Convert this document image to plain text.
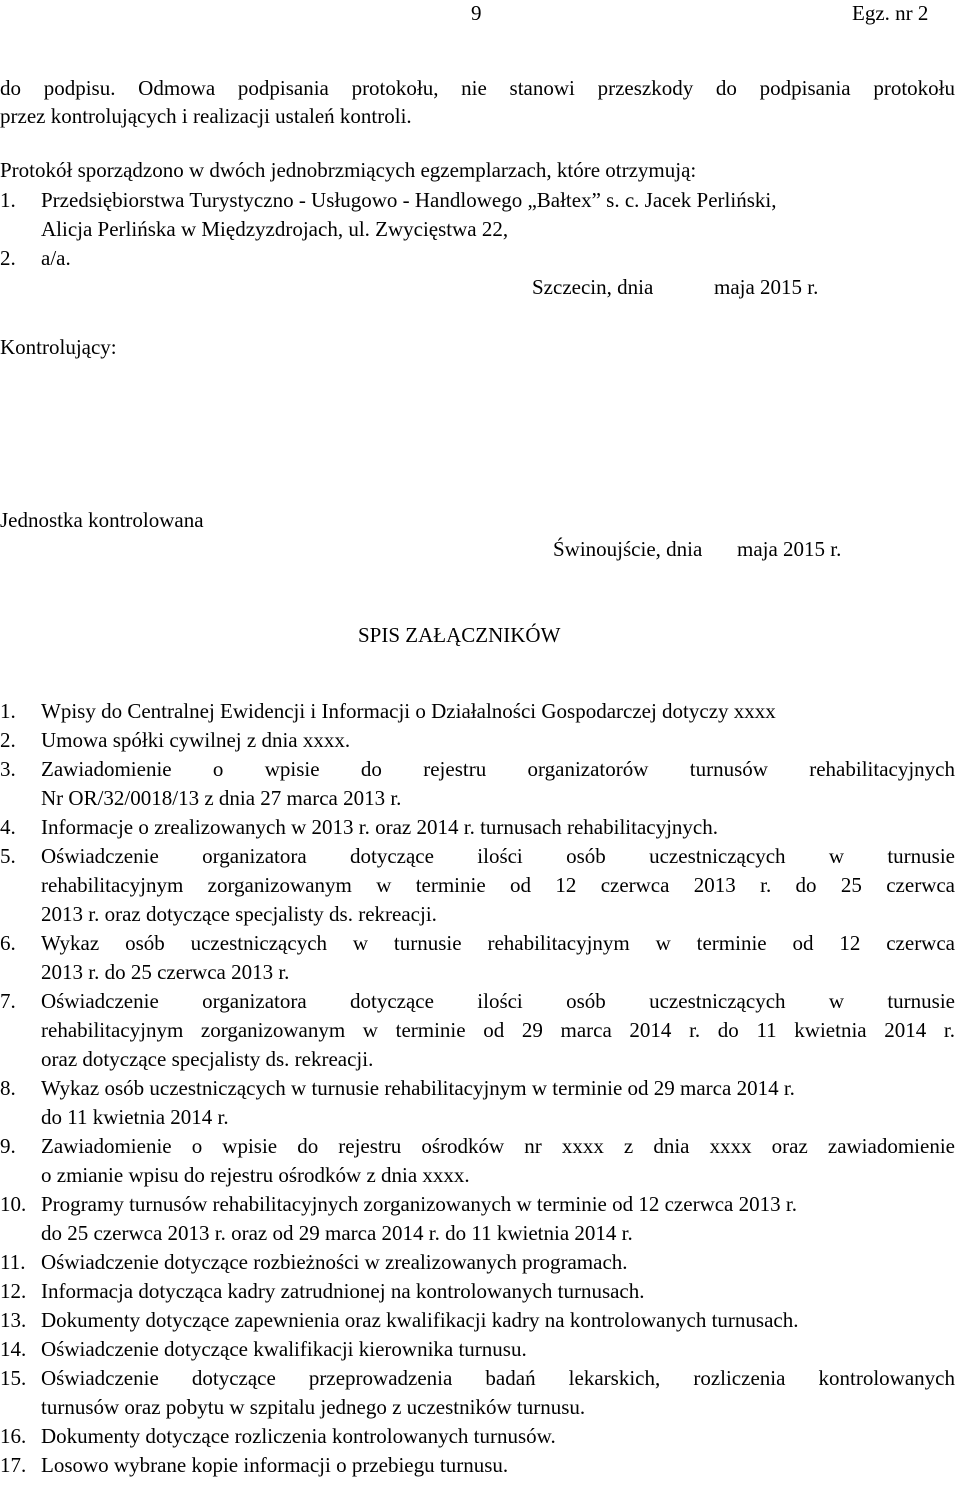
9	Egz. nr 2
do podpisu. Odmowa podpisania protokołu, nie stanowi przeszkody do podpisania protokołu
przez kontrolujących i realizacji ustaleń kontroli.
Protokół sporządzono w dwóch jednobrzmiących egzemplarzach, które otrzymują:
1. Przedsiębiorstwa Turystyczno - Usługowo - Handlowego „Bałtex” s. c. Jacek Perliński,
Alicja Perlińska w Międzyzdrojach, ul. Zwycięstwa 22,
2. a/a.
Szczecin, dnia	maja 2015 r.
Kontrolujący:
Jednostka kontrolowana
Świnoujście, dnia maja 2015 r.
SPIS ZAŁĄCZNIKÓW
1. Wpisy do Centralnej Ewidencji i Informacji o Działalności Gospodarczej dotyczy xxxx
2. Umowa spółki cywilnej z dnia xxxx.
3. Zawiadomienie o wpisie do rejestru organizatorów turnusów rehabilitacyjnych
Nr OR/32/0018/13 z dnia 27 marca 2013 r.
4. Informacje o zrealizowanych w 2013 r. oraz 2014 r. turnusach rehabilitacyjnych.
5. Oświadczenie organizatora dotyczące ilości osób uczestniczących w turnusie
rehabilitacyjnym zorganizowanym w terminie od 12 czerwca 2013 r. do 25 czerwca
2013 r. oraz dotyczące specjalisty ds. rekreacji.
6. Wykaz osób uczestniczących w turnusie rehabilitacyjnym w terminie od 12 czerwca
2013 r. do 25 czerwca 2013 r.
7. Oświadczenie organizatora dotyczące ilości osób uczestniczących w turnusie
rehabilitacyjnym zorganizowanym w terminie od 29 marca 2014 r. do 11 kwietnia 2014 r.
oraz dotyczące specjalisty ds. rekreacji.
8. Wykaz osób uczestniczących w turnusie rehabilitacyjnym w terminie od 29 marca 2014 r.
do 11 kwietnia 2014 r.
9. Zawiadomienie o wpisie do rejestru ośrodków nr xxxx z dnia xxxx oraz zawiadomienie
o zmianie wpisu do rejestru ośrodków z dnia xxxx.
10. Programy turnusów rehabilitacyjnych zorganizowanych w terminie od 12 czerwca 2013 r.
do 25 czerwca 2013 r. oraz od 29 marca 2014 r. do 11 kwietnia 2014 r.
11. Oświadczenie dotyczące rozbieżności w zrealizowanych programach.
12. Informacja dotycząca kadry zatrudnionej na kontrolowanych turnusach.
13. Dokumenty dotyczące zapewnienia oraz kwalifikacji kadry na kontrolowanych turnusach.
14. Oświadczenie dotyczące kwalifikacji kierownika turnusu.
15. Oświadczenie dotyczące przeprowadzenia badań lekarskich, rozliczenia kontrolowanych
turnusów oraz pobytu w szpitalu jednego z uczestników turnusu.
16. Dokumenty dotyczące rozliczenia kontrolowanych turnusów.
17. Losowo wybrane kopie informacji o przebiegu turnusu.
